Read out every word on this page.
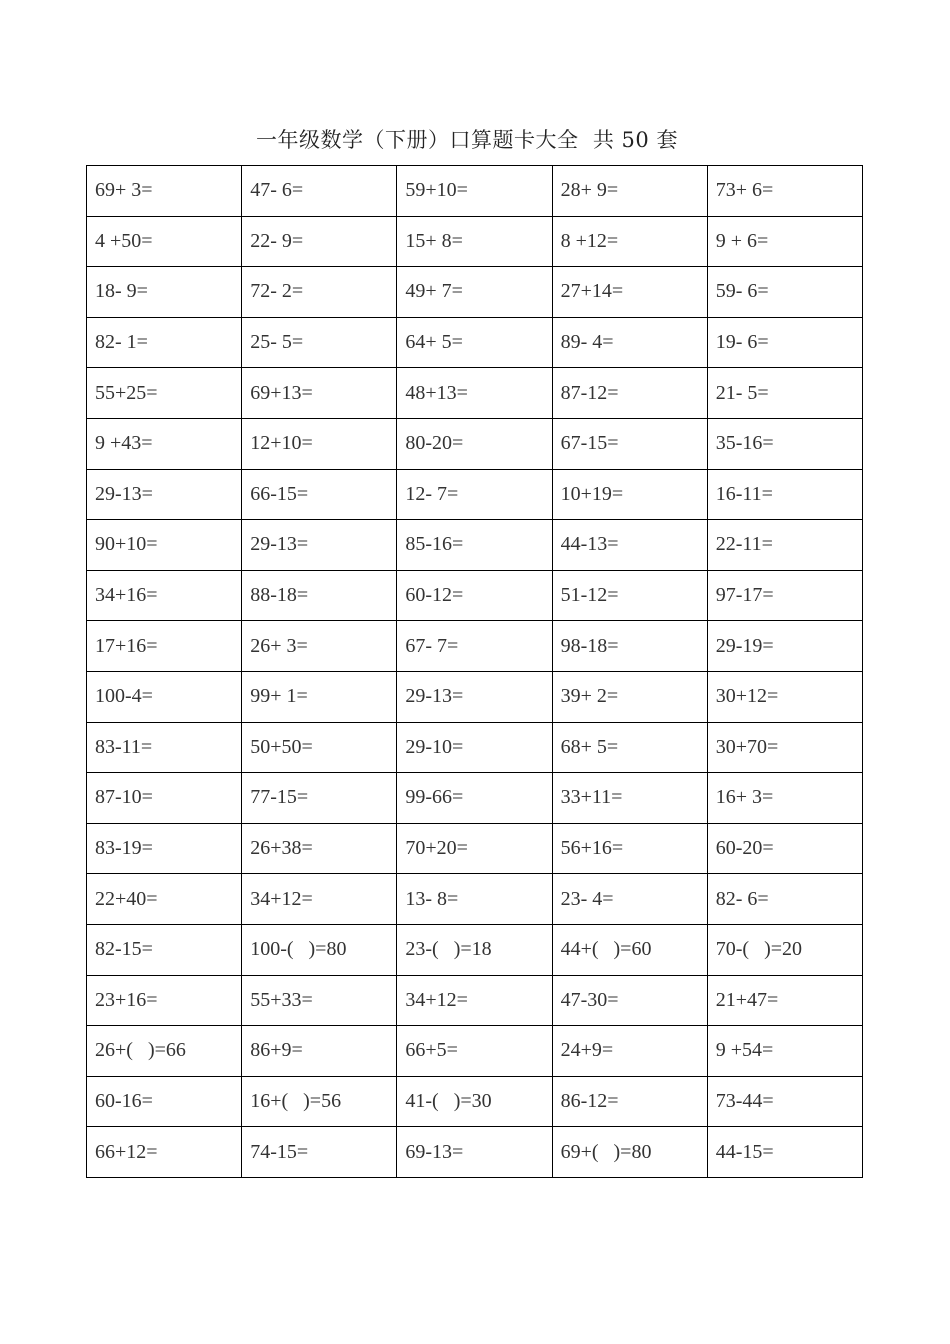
一年级数学（下册）口算题卡大全  共 50 套
69+ 3=	47- 6=	59+10=	28+ 9=	73+ 6=
4 +50=	22- 9=	15+ 8=	8 +12=	9 + 6=
18- 9=	72- 2=	49+ 7=	27+14=	59- 6=
82- 1=	25- 5=	64+ 5=	89- 4=	19- 6=
55+25=	69+13=	48+13=	87-12=	21- 5=
9 +43=	12+10=	80-20=	67-15=	35-16=
29-13=	66-15=	12- 7=	10+19=	16-11=
90+10=	29-13=	85-16=	44-13=	22-11=
34+16=	88-18=	60-12=	51-12=	97-17=
17+16=	26+ 3=	67- 7=	98-18=	29-19=
100-4=	99+ 1=	29-13=	39+ 2=	30+12=
83-11=	50+50=	29-10=	68+ 5=	30+70=
87-10=	77-15=	99-66=	33+11=	16+ 3=
83-19=	26+38=	70+20=	56+16=	60-20=
22+40=	34+12=	13- 8=	23- 4=	82- 6=
82-15=	100-(   )=80	23-(   )=18	44+(   )=60	70-(   )=20
23+16=	55+33=	34+12=	47-30=	21+47=
26+(   )=66	86+9=	66+5=	24+9=	9 +54=
60-16=	16+(   )=56	41-(   )=30	86-12=	73-44=
66+12=	74-15=	69-13=	69+(   )=80	44-15=
